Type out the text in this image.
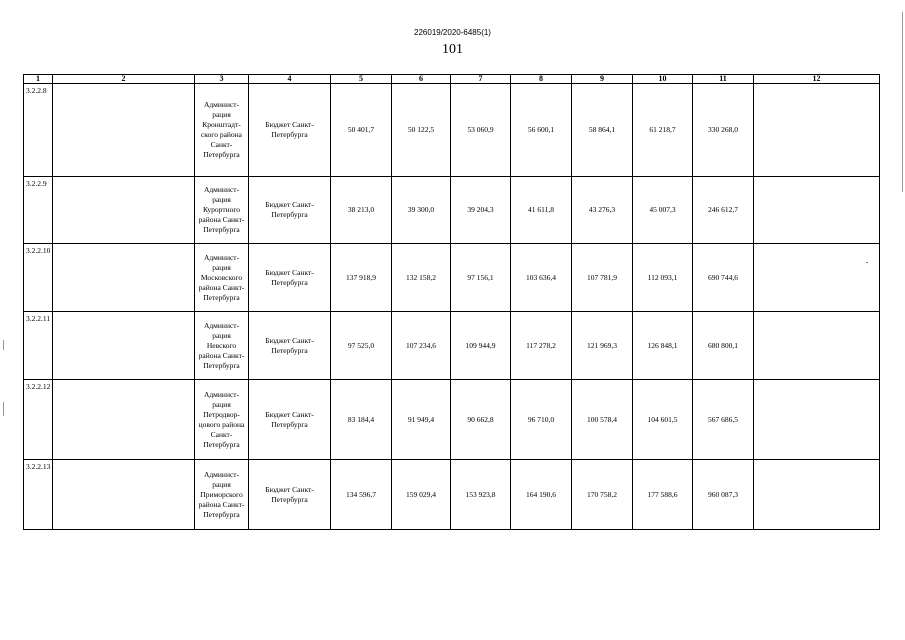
226019/2020-6485(1)
101
1	2	3	4	5	6	7	8	9	10	11	12
3.2.2.8		Админист-рация Кронштадт-ского района Санкт-Петербурга	Бюджет Санкт-Петербурга	50 401,7	50 122,5	53 060,9	56 600,1	58 864,1	61 218,7	330 268,0	
3.2.2.9		Админист-рация Курортного района Санкт-Петербурга	Бюджет Санкт-Петербурга	38 213,0	39 300,0	39 204,3	41 611,8	43 276,3	45 007,3	246 612,7	
3.2.2.10		Админист-рация Московского района Санкт-Петербурга	Бюджет Санкт-Петербурга	137 918,9	132 158,2	97 156,1	103 636,4	107 781,9	112 093,1	690 744,6	
3.2.2.11		Админист-рация Невского района Санкт-Петербурга	Бюджет Санкт-Петербурга	97 525,0	107 234,6	109 944,9	117 278,2	121 969,3	126 848,1	680 800,1	
3.2.2.12		Админист-рация Петродвор-цового района Санкт-Петербурга	Бюджет Санкт-Петербурга	83 184,4	91 949,4	90 662,8	96 710,0	100 578,4	104 601,5	567 686,5	
3.2.2.13		Админист-рация Приморского района Санкт-Петербурга	Бюджет Санкт-Петербурга	134 596,7	159 029,4	153 923,8	164 190,6	170 758,2	177 588,6	960 087,3	
